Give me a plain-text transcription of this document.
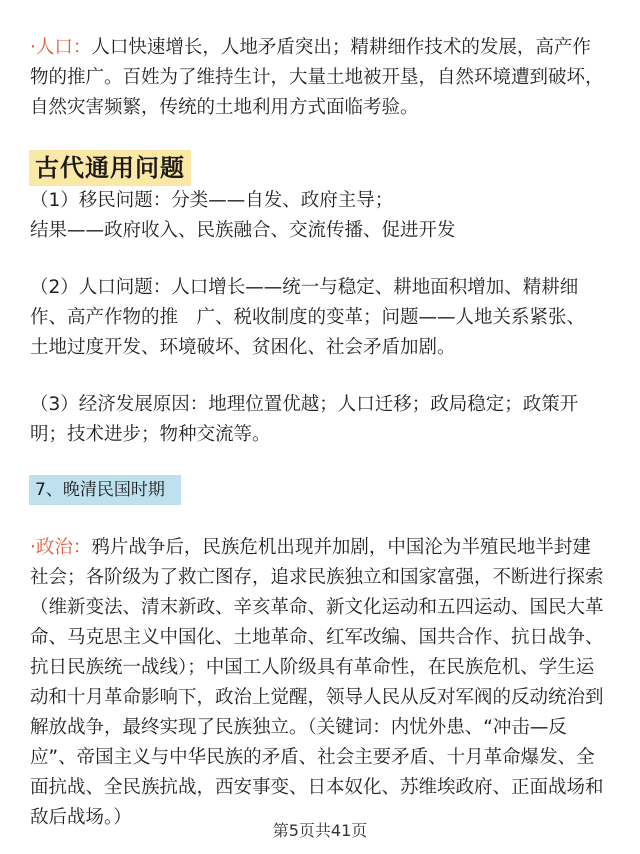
·人口：人口快速增长，人地矛盾突出；精耕细作技术的发展，高产作
物的推广。百姓为了维持生计，大量土地被开垦，自然环境遭到破坏，
自然灾害频繁，传统的土地利用方式面临考验。

古代通用问题

（1）移民问题：分类——自发、政府主导；
结果——政府收入、民族融合、交流传播、促进开发

（2）人口问题：人口增长——统一与稳定、耕地面积增加、精耕细
作、高产作物的推　广、税收制度的变革；问题——人地关系紧张、
土地过度开发、环境破坏、贫困化、社会矛盾加剧。

（3）经济发展原因：地理位置优越；人口迁移；政局稳定；政策开
明；技术进步；物种交流等。

7、晚清民国时期

·政治：鸦片战争后，民族危机出现并加剧，中国沦为半殖民地半封建
社会；各阶级为了救亡图存，追求民族独立和国家富强，不断进行探索
（维新变法、清末新政、辛亥革命、新文化运动和五四运动、国民大革
命、马克思主义中国化、土地革命、红军改编、国共合作、抗日战争、
抗日民族统一战线）；中国工人阶级具有革命性，在民族危机、学生运
动和十月革命影响下，政治上觉醒，领导人民从反对军阀的反动统治到
解放战争，最终实现了民族独立。（关键词：内忧外患、“冲击—反
应”、帝国主义与中华民族的矛盾、社会主要矛盾、十月革命爆发、全
面抗战、全民族抗战，西安事变、日本奴化、苏维埃政府、正面战场和
敌后战场。）

第5页共41页
